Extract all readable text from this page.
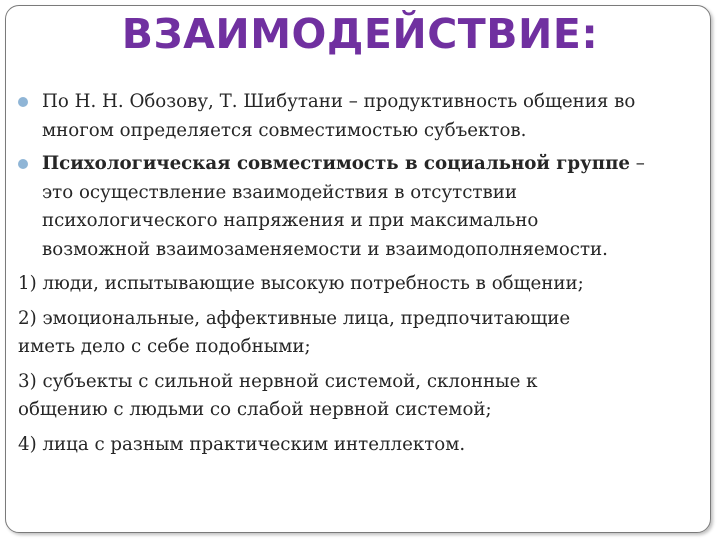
ВЗАИМОДЕЙСТВИЕ:
По Н. Н. Обозову, Т. Шибутани – продуктивность общения во
многом определяется совместимостью субъектов.
Психологическая совместимость в социальной группе –
это осуществление взаимодействия в отсутствии
психологического напряжения и при максимально
возможной взаимозаменяемости и взаимодополняемости.
1) люди, испытывающие высокую потребность в общении;
2) эмоциональные, аффективные лица, предпочитающие
иметь дело с себе подобными;
3) субъекты с сильной нервной системой, склонные к
общению с людьми со слабой нервной системой;
4) лица с разным практическим интеллектом.
